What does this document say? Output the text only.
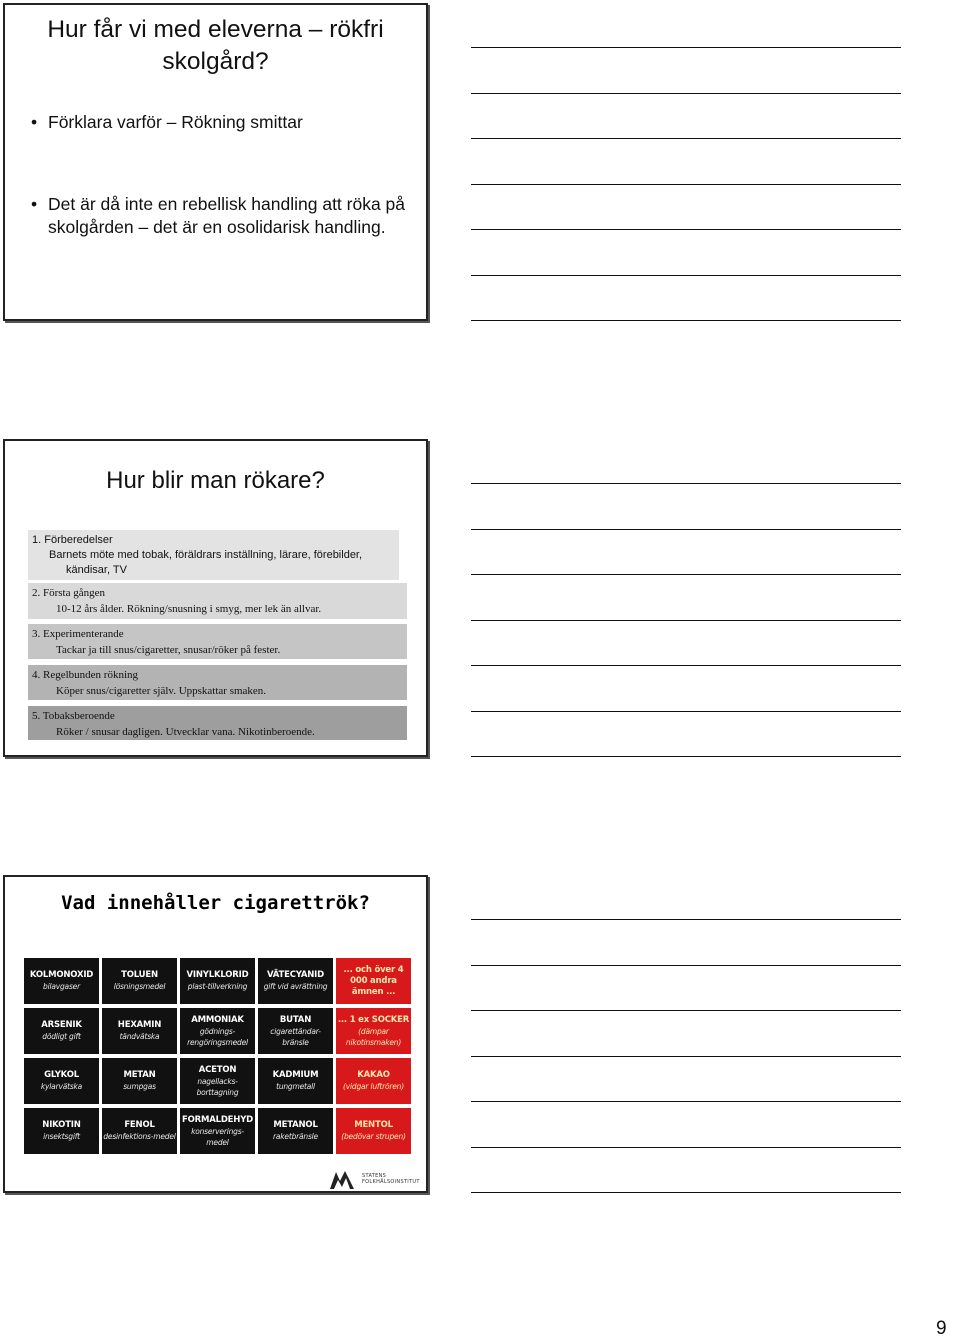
Hur får vi med eleverna – rökfri skolgård?
• Förklara varför – Rökning smittar
• Det är då inte en rebellisk handling att röka på skolgården – det är en osolidarisk handling.
Hur blir man rökare?
1. Förberedelser
Barnets möte med tobak, föräldrars inställning, lärare, förebilder, kändisar, TV
2. Första gången
10-12 års ålder. Rökning/snusning i smyg, mer lek än allvar.
3. Experimenterande
Tackar ja till snus/cigaretter, snusar/röker på fester.
4. Regelbunden rökning
Köper snus/cigaretter själv. Uppskattar smaken.
5. Tobaksberoende
Röker / snusar dagligen. Utvecklar vana. Nikotinberoende.
Vad innehåller cigarettrök?
KOLMONOXID
bilavgaser
TOLUEN
lösningsmedel
VINYLKLORID
plast-tillverkning
VÄTECYANID
gift vid avrättning
... och över 4 000 andra ämnen ...
ARSENIK
dödligt gift
HEXAMIN
tändvätska
AMMONIAK
gödnings- rengöringsmedel
BUTAN
cigarettändar-bränsle
... 1 ex SOCKER
(dämpar nikotinsmaken)
GLYKOL
kylarvätska
METAN
sumpgas
ACETON
nagellacks-borttagning
KADMIUM
tungmetall
KAKAO
(vidgar luftrören)
NIKOTIN
insektsgift
FENOL
desinfektions-medel
FORMALDEHYD
konserverings-medel
METANOL
raketbränsle
MENTOL
(bedövar strupen)
STATENS FOLKHÄLSOINSTITUT
9
